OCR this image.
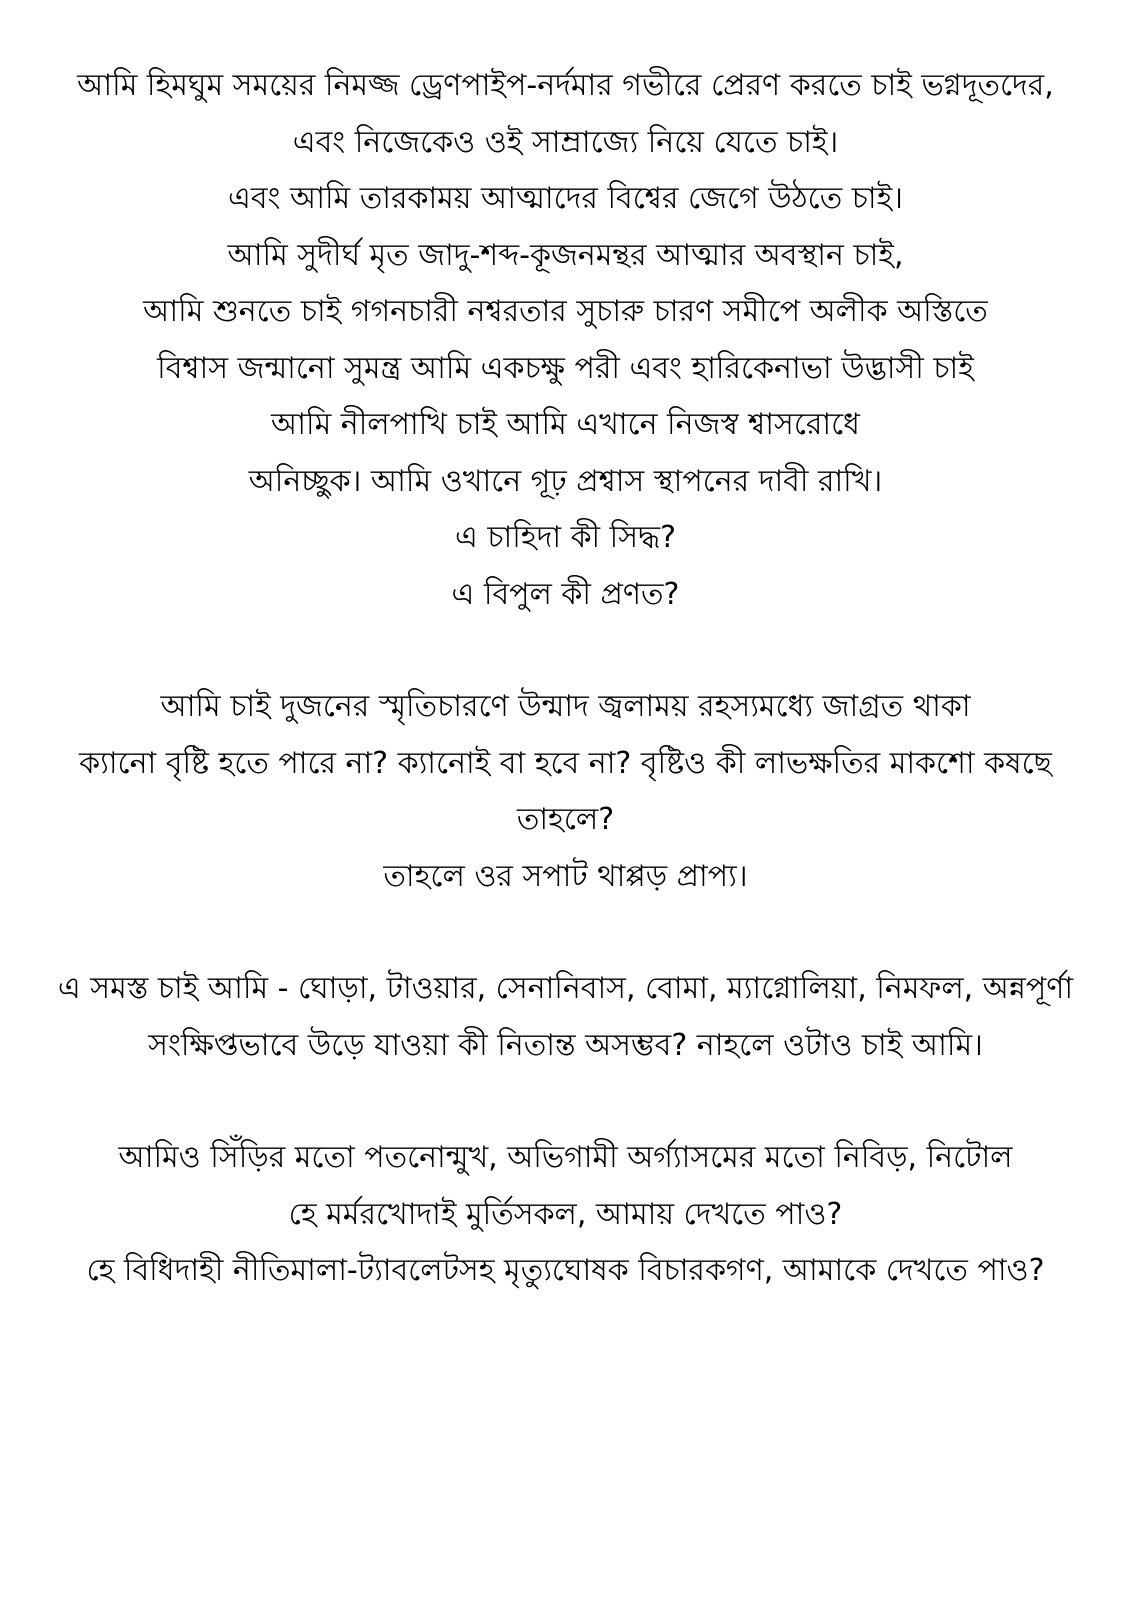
আমি হিমঘুম সময়ের নিমজ্জ ড্রেণপাইপ-নর্দমার গভীরে প্রেরণ করতে চাই ভগ্নদূতদের,
এবং নিজেকেও ওই সাম্রাজ্যে নিয়ে যেতে চাই।
এবং আমি তারকাময় আত্মাদের বিশ্বের জেগে উঠতে চাই।
আমি সুদীর্ঘ মৃত জাদু-শব্দ-কূজনমন্থর আত্মার অবস্থান চাই,
আমি শুনতে চাই গগনচারী নশ্বরতার সুচারু চারণ সমীপে অলীক অস্তিতে
বিশ্বাস জন্মানো সুমন্ত্র আমি একচক্ষু পরী এবং হারিকেনাভা উদ্ভাসী চাই
আমি নীলপাখি চাই আমি এখানে নিজস্ব শ্বাসরোধে
অনিচ্ছুক। আমি ওখানে গূঢ় প্রশ্বাস স্থাপনের দাবী রাখি।
এ চাহিদা কী সিদ্ধ?
এ বিপুল কী প্রণত?

আমি চাই দুজনের স্মৃতিচারণে উন্মাদ জ্বলাময় রহস্যমধ্যে জাগ্রত থাকা
ক্যানো বৃষ্টি হতে পারে না? ক্যানোই বা হবে না? বৃষ্টিও কী লাভক্ষতির মাকশো কষছে তাহলে?
তাহলে ওর সপাট থাপ্পড় প্রাপ্য।

এ সমস্ত চাই আমি - ঘোড়া, টাওয়ার, সেনানিবাস, বোমা, ম্যাগ্নোলিয়া, নিমফল, অন্নপূর্ণা
সংক্ষিপ্তভাবে উড়ে যাওয়া কী নিতান্ত অসম্ভব? নাহলে ওটাও চাই আমি।

আমিও সিঁড়ির মতো পতনোন্মুখ, অভিগামী অর্গ্যাসমের মতো নিবিড়, নিটোল
হে মর্মরখোদাই মুর্তিসকল, আমায় দেখতে পাও?
হে বিধিদাহী নীতিমালা-ট্যাবলেটসহ মৃত্যুঘোষক বিচারকগণ, আমাকে দেখতে পাও?
